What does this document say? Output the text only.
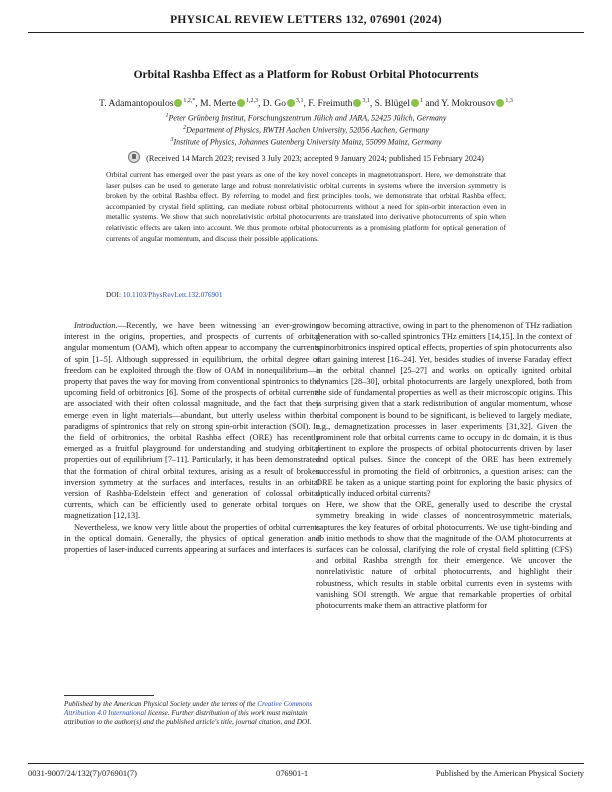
PHYSICAL REVIEW LETTERS 132, 076901 (2024)
Orbital Rashba Effect as a Platform for Robust Orbital Photocurrents
T. Adamantopoulos $^{1,2,*}$, M. Merte $^{1,2,3}$, D. Go $^{3,1}$, F. Freimuth $^{3,1}$, S. Blügel $^1$ and Y. Mokrousov $^{1,3}$
$^1$Peter Grünberg Institut, Forschungszentrum Jülich and JARA, 52425 Jülich, Germany
$^2$Department of Physics, RWTH Aachen University, 52056 Aachen, Germany
$^3$Institute of Physics, Johannes Gutenberg University Mainz, 55099 Mainz, Germany
(Received 14 March 2023; revised 3 July 2023; accepted 9 January 2024; published 15 February 2024)
Orbital current has emerged over the past years as one of the key novel concepts in magnetotransport. Here, we demonstrate that laser pulses can be used to generate large and robust nonrelativistic orbital currents in systems where the inversion symmetry is broken by the orbital Rashba effect. By referring to model and first principles tools, we demonstrate that orbital Rashba effect, accompanied by crystal field splitting, can mediate robust orbital photocurrents without a need for spin-orbit interaction even in metallic systems. We show that such nonrelativistic orbital photocurrents are translated into derivative photocurrents of spin when relativistic effects are taken into account. We thus promote orbital photocurrents as a promising platform for optical generation of currents of angular momentum, and discuss their possible applications.
DOI: 10.1103/PhysRevLett.132.076901

Introduction.—Recently, we have been witnessing an ever-growing interest in the origins, properties, and prospects of currents of orbital angular momentum (OAM), which often appear to accompany the currents of spin [1–5]. Although suppressed in equilibrium, the orbital degree of freedom can be exploited through the flow of OAM in nonequilibrium—a property that paves the way for moving from conventional spintronics to the upcoming field of orbitronics [6]. Some of the prospects of orbital currents are associated with their often colossal magnitude, and the fact that they emerge even in light materials—abundant, but utterly useless within the paradigms of spintronics that rely on strong spin-orbit interaction (SOI). In the field of orbitronics, the orbital Rashba effect (ORE) has recently emerged as a fruitful playground for understanding and studying orbital properties out of equilibrium [7–11]. Particularly, it has been demonstrated that the formation of chiral orbital textures, arising as a result of broken inversion symmetry at the surfaces and interfaces, results in an orbital version of Rashba-Edelstein effect and generation of colossal orbital currents, which can be efficiently used to generate orbital torques on magnetization [12,13].

Nevertheless, we know very little about the properties of orbital currents in the optical domain. Generally, the physics of optical generation and properties of laser-induced currents appearing at surfaces and interfaces is

now becoming attractive, owing in part to the phenomenon of THz radiation generation with so-called spintronics THz emitters [14,15]. In the context of spinorbitronics inspired optical effects, properties of spin photocurrents also start gaining interest [16–24]. Yet, besides studies of inverse Faraday effect in the orbital channel [25–27] and works on optically ignited orbital dynamics [28–30], orbital photocurrents are largely unexplored, both from the side of fundamental properties as well as their microscopic origins. This is surprising given that a stark redistribution of angular momentum, whose orbital component is bound to be significant, is believed to largely mediate, e.g., demagnetization processes in laser experiments [31,32]. Given the prominent role that orbital currents came to occupy in dc domain, it is thus pertinent to explore the prospects of orbital photocurrents driven by laser and optical pulses. Since the concept of the ORE has been extremely successful in promoting the field of orbitronics, a question arises: can the ORE be taken as a unique starting point for exploring the basic physics of optically induced orbital currents?

Here, we show that the ORE, generally used to describe the crystal symmetry breaking in wide classes of noncentrosymmetric materials, captures the key features of orbital photocurrents. We use tight-binding and ab initio methods to show that the magnitude of the OAM photocurrents at surfaces can be colossal, clarifying the role of crystal field splitting (CFS) and orbital Rashba strength for their emergence. We uncover the nonrelativistic nature of orbital photocurrents, and highlight their robustness, which results in stable orbital currents even in systems with vanishing SOI strength. We argue that remarkable properties of orbital photocurrents make them an attractive platform for

Published by the American Physical Society under the terms of the Creative Commons Attribution 4.0 International license. Further distribution of this work must maintain attribution to the author(s) and the published article's title, journal citation, and DOI.
0031-9007/24/132(7)/076901(7)	076901-1	Published by the American Physical Society
